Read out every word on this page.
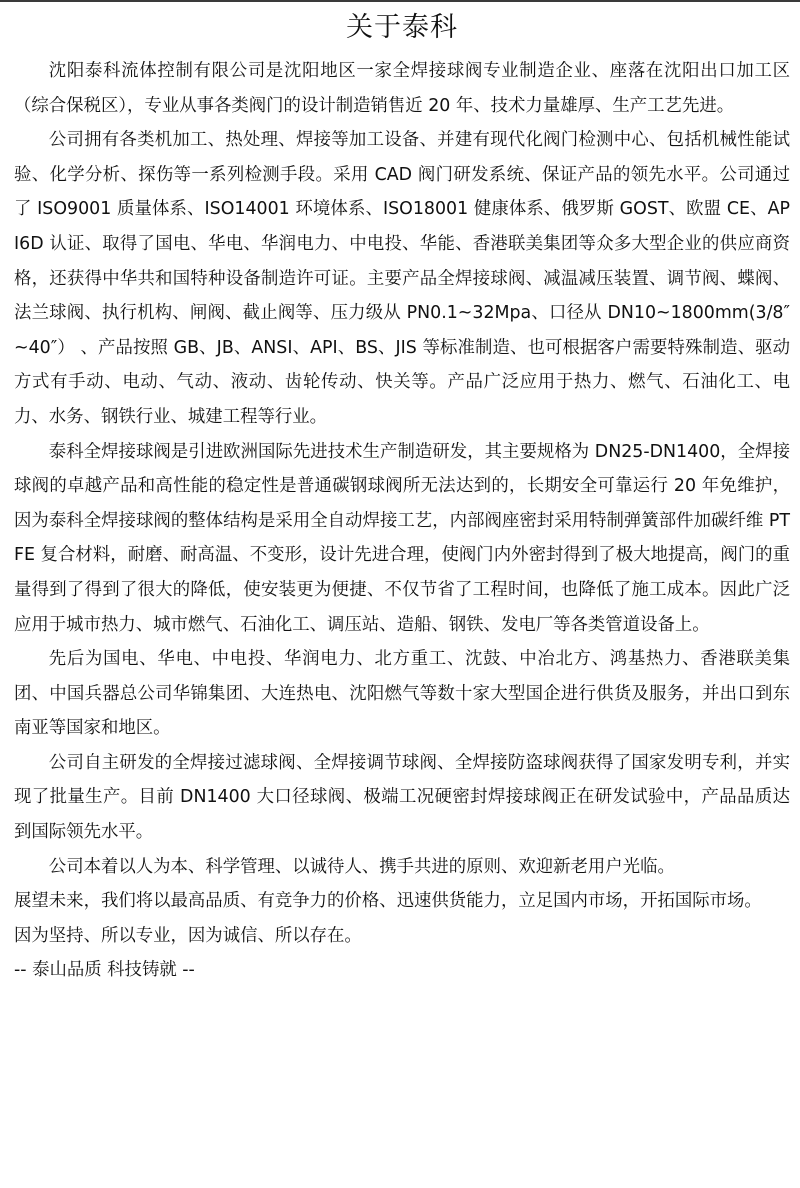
关于泰科

沈阳泰科流体控制有限公司是沈阳地区一家全焊接球阀专业制造企业、座落在沈阳出口加工区（综合保税区），专业从事各类阀门的设计制造销售近 20 年、技术力量雄厚、生产工艺先进。

公司拥有各类机加工、热处理、焊接等加工设备、并建有现代化阀门检测中心、包括机械性能试验、化学分析、探伤等一系列检测手段。采用 CAD 阀门研发系统、保证产品的领先水平。公司通过了 ISO9001 质量体系、ISO14001 环境体系、ISO18001 健康体系、俄罗斯 GOST、欧盟 CE、API6D 认证、取得了国电、华电、华润电力、中电投、华能、香港联美集团等众多大型企业的供应商资格，还获得中华共和国特种设备制造许可证。主要产品全焊接球阀、减温减压装置、调节阀、蝶阀、法兰球阀、执行机构、闸阀、截止阀等、压力级从 PN0.1~32Mpa、口径从 DN10~1800mm(3/8″ ~40″） 、产品按照 GB、JB、ANSI、API、BS、JIS 等标准制造、也可根据客户需要特殊制造、驱动方式有手动、电动、气动、液动、齿轮传动、快关等。产品广泛应用于热力、燃气、石油化工、电力、水务、钢铁行业、城建工程等行业。

泰科全焊接球阀是引进欧洲国际先进技术生产制造研发，其主要规格为 DN25-DN1400，全焊接球阀的卓越产品和高性能的稳定性是普通碳钢球阀所无法达到的，长期安全可靠运行 20 年免维护，因为泰科全焊接球阀的整体结构是采用全自动焊接工艺，内部阀座密封采用特制弹簧部件加碳纤维 PTFE 复合材料，耐磨、耐高温、不变形，设计先进合理，使阀门内外密封得到了极大地提高，阀门的重量得到了得到了很大的降低，使安装更为便捷、不仅节省了工程时间，也降低了施工成本。因此广泛应用于城市热力、城市燃气、石油化工、调压站、造船、钢铁、发电厂等各类管道设备上。

先后为国电、华电、中电投、华润电力、北方重工、沈鼓、中冶北方、鸿基热力、香港联美集团、中国兵器总公司华锦集团、大连热电、沈阳燃气等数十家大型国企进行供货及服务，并出口到东南亚等国家和地区。

公司自主研发的全焊接过滤球阀、全焊接调节球阀、全焊接防盗球阀获得了国家发明专利，并实现了批量生产。目前 DN1400 大口径球阀、极端工况硬密封焊接球阀正在研发试验中，产品品质达到国际领先水平。

公司本着以人为本、科学管理、以诚待人、携手共进的原则、欢迎新老用户光临。

展望未来，我们将以最高品质、有竞争力的价格、迅速供货能力，立足国内市场，开拓国际市场。

因为坚持、所以专业，因为诚信、所以存在。

-- 泰山品质 科技铸就 --
